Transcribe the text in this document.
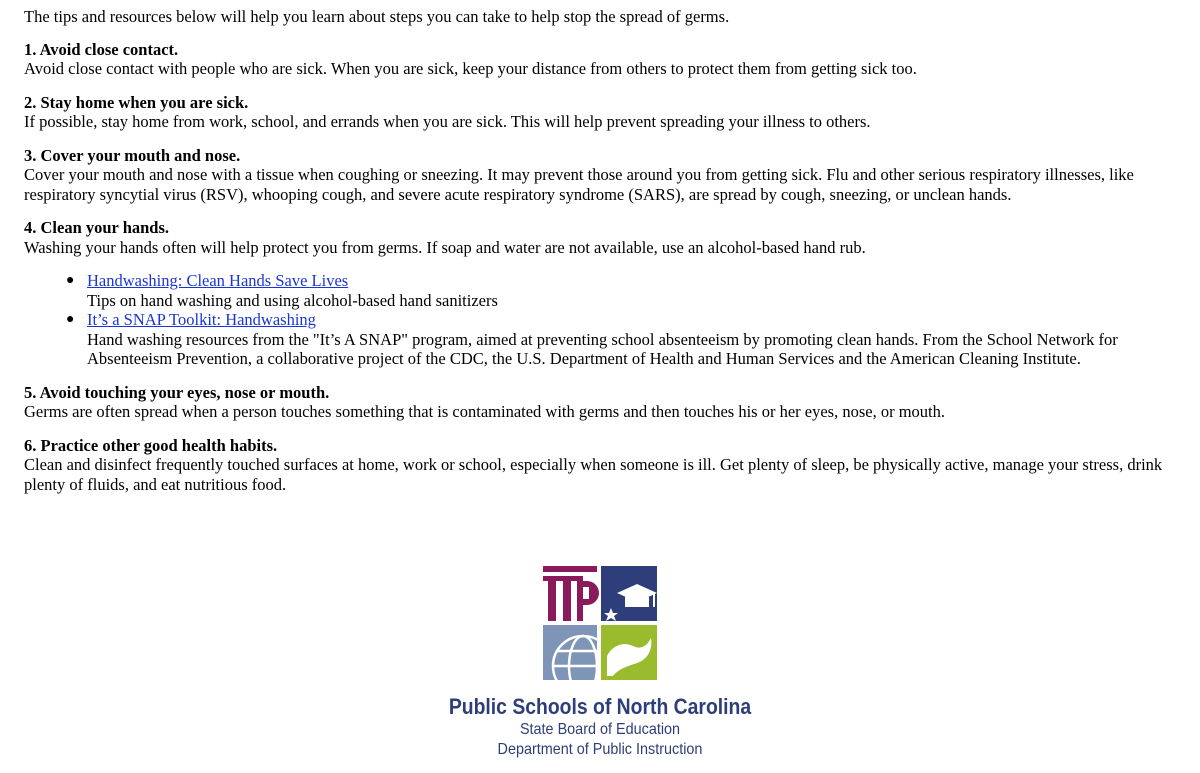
The tips and resources below will help you learn about steps you can take to help stop the spread of germs.

1. Avoid close contact.
Avoid close contact with people who are sick. When you are sick, keep your distance from others to protect them from getting sick too.
2. Stay home when you are sick.
If possible, stay home from work, school, and errands when you are sick. This will help prevent spreading your illness to others.
3. Cover your mouth and nose.
Cover your mouth and nose with a tissue when coughing or sneezing. It may prevent those around you from getting sick. Flu and other serious respiratory illnesses, like respiratory syncytial virus (RSV), whooping cough, and severe acute respiratory syndrome (SARS), are spread by cough, sneezing, or unclean hands.
4. Clean your hands.
Washing your hands often will help protect you from germs. If soap and water are not available, use an alcohol-based hand rub.
● Handwashing: Clean Hands Save Lives
Tips on hand washing and using alcohol-based hand sanitizers
● It’s a SNAP Toolkit: Handwashing
Hand washing resources from the "It’s A SNAP" program, aimed at preventing school absenteeism by promoting clean hands. From the School Network for Absenteeism Prevention, a collaborative project of the CDC, the U.S. Department of Health and Human Services and the American Cleaning Institute.
5. Avoid touching your eyes, nose or mouth.
Germs are often spread when a person touches something that is contaminated with germs and then touches his or her eyes, nose, or mouth.
6. Practice other good health habits.
Clean and disinfect frequently touched surfaces at home, work or school, especially when someone is ill. Get plenty of sleep, be physically active, manage your stress, drink plenty of fluids, and eat nutritious food.
Public Schools of North Carolina
State Board of Education
Department of Public Instruction
